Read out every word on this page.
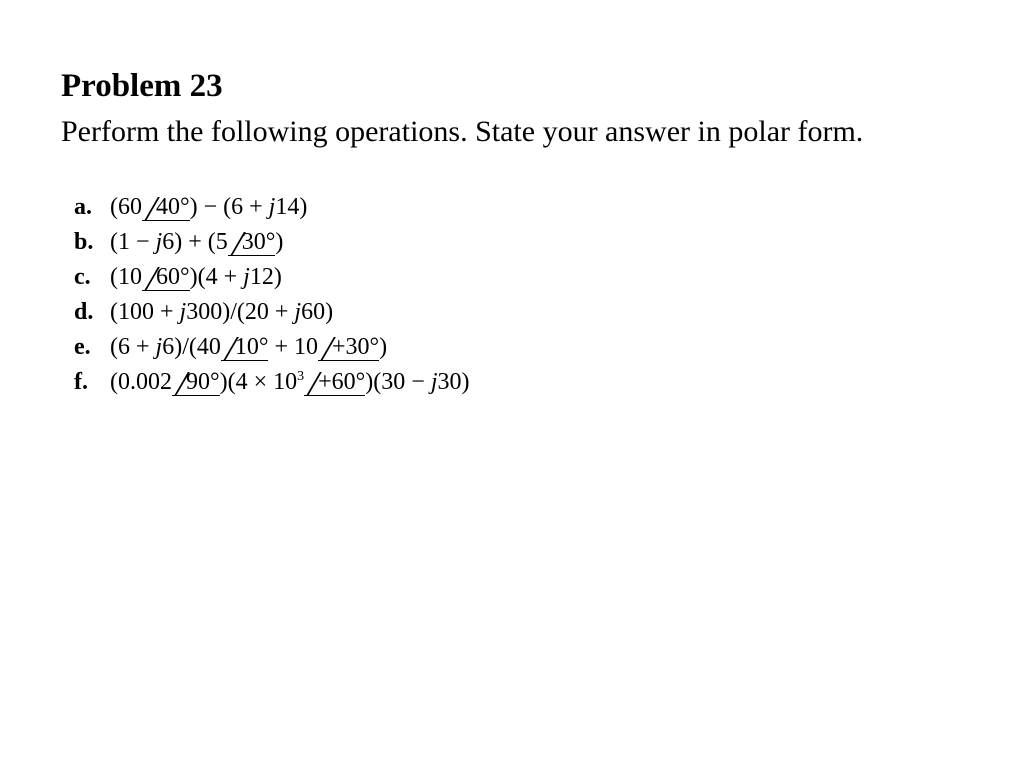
Problem 23

Perform the following operations. State your answer in polar form.

a. (60 40°) − (6 + j14)
b. (1 − j6) + (5 30°)
c. (10 60°)(4 + j12)
d. (100 + j300)/(20 + j60)
e. (6 + j6)/(40 10° + 10 +30°)
f. (0.002 $90^\circ)(4 \times 10^3 +60^\circ)(30 - j30)$
